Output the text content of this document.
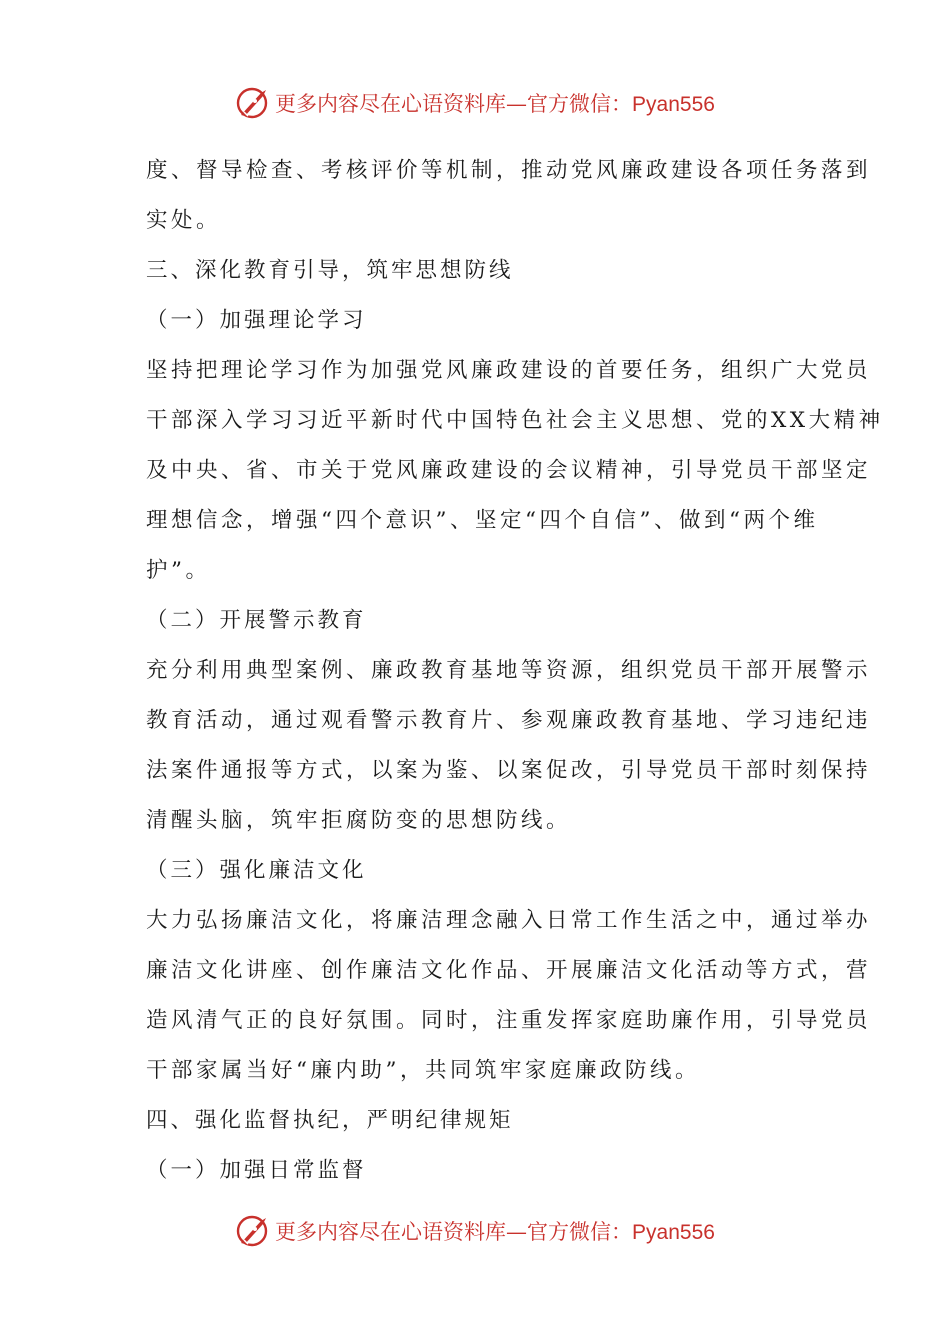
更多内容尽在心语资料库—官方微信：Pyan556
度、督导检查、考核评价等机制，推动党风廉政建设各项任务落到
实处。
三、深化教育引导，筑牢思想防线
（一）加强理论学习
坚持把理论学习作为加强党风廉政建设的首要任务，组织广大党员
干部深入学习习近平新时代中国特色社会主义思想、党的XX大精神
及中央、省、市关于党风廉政建设的会议精神，引导党员干部坚定
理想信念，增强“四个意识”、坚定“四个自信”、做到“两个维
护”。
（二）开展警示教育
充分利用典型案例、廉政教育基地等资源，组织党员干部开展警示
教育活动，通过观看警示教育片、参观廉政教育基地、学习违纪违
法案件通报等方式，以案为鉴、以案促改，引导党员干部时刻保持
清醒头脑，筑牢拒腐防变的思想防线。
（三）强化廉洁文化
大力弘扬廉洁文化，将廉洁理念融入日常工作生活之中，通过举办
廉洁文化讲座、创作廉洁文化作品、开展廉洁文化活动等方式，营
造风清气正的良好氛围。同时，注重发挥家庭助廉作用，引导党员
干部家属当好“廉内助”，共同筑牢家庭廉政防线。
四、强化监督执纪，严明纪律规矩
（一）加强日常监督
更多内容尽在心语资料库—官方微信：Pyan556
